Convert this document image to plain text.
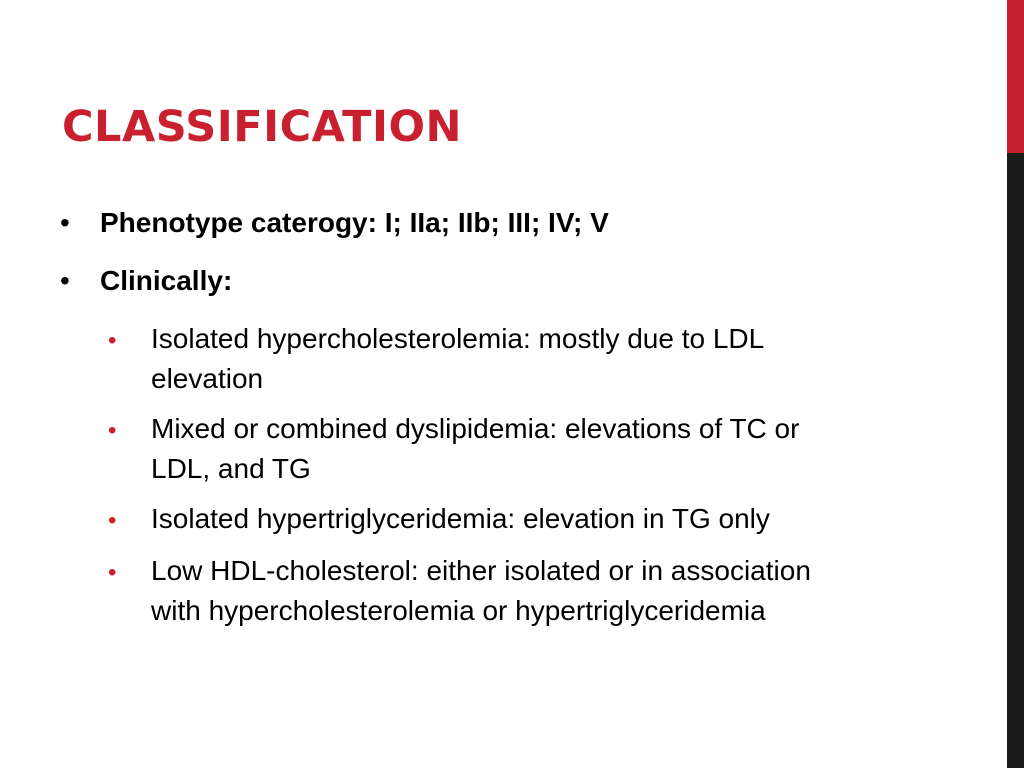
CLASSIFICATION
•	Phenotype caterogy: I; IIa; IIb; III; IV; V
•	Clinically:
•	Isolated hypercholesterolemia: mostly due to LDL elevation
•	Mixed or combined dyslipidemia: elevations of TC or LDL, and TG
•	Isolated hypertriglyceridemia: elevation in TG only
•	Low HDL-cholesterol: either isolated or in association with hypercholesterolemia or hypertriglyceridemia
